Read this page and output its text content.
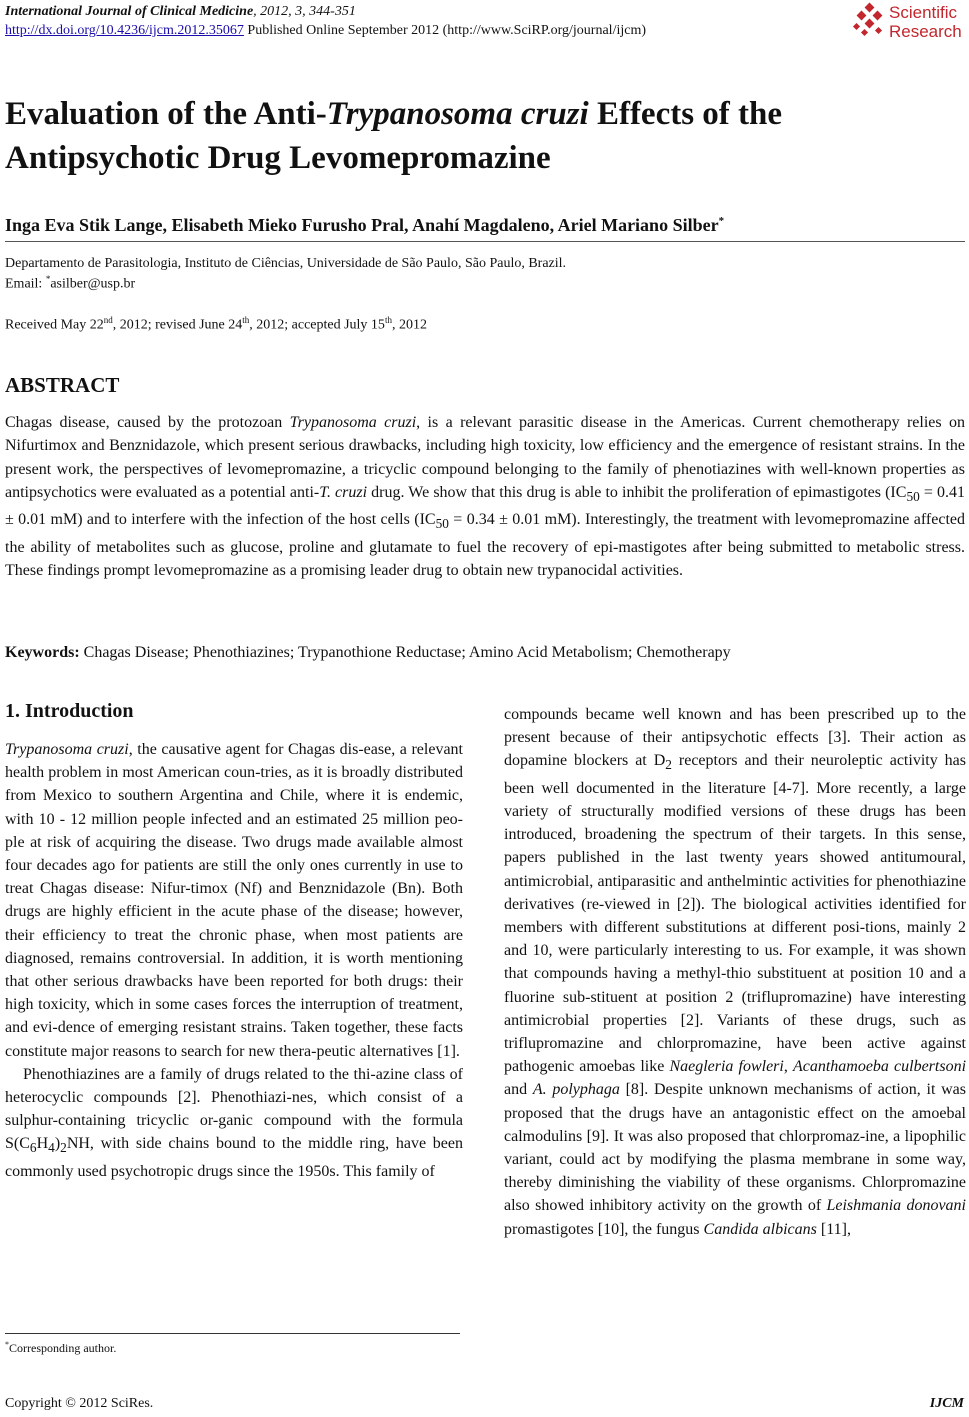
International Journal of Clinical Medicine, 2012, 3, 344-351
http://dx.doi.org/10.4236/ijcm.2012.35067 Published Online September 2012 (http://www.SciRP.org/journal/ijcm)
Scientific
Research
Evaluation of the Anti-Trypanosoma cruzi Effects of the Antipsychotic Drug Levomepromazine
Inga Eva Stik Lange, Elisabeth Mieko Furusho Pral, Anahí Magdaleno, Ariel Mariano Silber*
Departamento de Parasitologia, Instituto de Ciências, Universidade de São Paulo, São Paulo, Brazil.
Email: *asilber@usp.br
Received May 22nd, 2012; revised June 24th, 2012; accepted July 15th, 2012
ABSTRACT
Chagas disease, caused by the protozoan Trypanosoma cruzi, is a relevant parasitic disease in the Americas. Current chemotherapy relies on Nifurtimox and Benznidazole, which present serious drawbacks, including high toxicity, low efficiency and the emergence of resistant strains. In the present work, the perspectives of levomepromazine, a tricyclic compound belonging to the family of phenotiazines with well-known properties as antipsychotics were evaluated as a potential anti-T. cruzi drug. We show that this drug is able to inhibit the proliferation of epimastigotes ($IC_{50} = 0.41 \pm 0.01$ mM) and to interfere with the infection of the host cells ($IC_{50} = 0.34 \pm 0.01$ mM). Interestingly, the treatment with levomepromazine affected the ability of metabolites such as glucose, proline and glutamate to fuel the recovery of epi-mastigotes after being submitted to metabolic stress. These findings prompt levomepromazine as a promising leader drug to obtain new trypanocidal activities.
Keywords: Chagas Disease; Phenothiazines; Trypanothione Reductase; Amino Acid Metabolism; Chemotherapy
1. Introduction

Trypanosoma cruzi, the causative agent for Chagas dis-ease, a relevant health problem in most American coun-tries, as it is broadly distributed from Mexico to southern Argentina and Chile, where it is endemic, with 10 - 12 million people infected and an estimated 25 million peo-ple at risk of acquiring the disease. Two drugs made available almost four decades ago for patients are still the only ones currently in use to treat Chagas disease: Nifur-timox (Nf) and Benznidazole (Bn). Both drugs are highly efficient in the acute phase of the disease; however, their efficiency to treat the chronic phase, when most patients are diagnosed, remains controversial. In addition, it is worth mentioning that other serious drawbacks have been reported for both drugs: their high toxicity, which in some cases forces the interruption of treatment, and evi-dence of emerging resistant strains. Taken together, these facts constitute major reasons to search for new thera-peutic alternatives [1].

Phenothiazines are a family of drugs related to the thi-azine class of heterocyclic compounds [2]. Phenothiazi-nes, which consist of a sulphur-containing tricyclic or-ganic compound with the formula $S(C_6H_4)_2NH$, with side chains bound to the middle ring, have been commonly used psychotropic drugs since the 1950s. This family of

compounds became well known and has been prescribed up to the present because of their antipsychotic effects [3]. Their action as dopamine blockers at $D_2$ receptors and their neuroleptic activity has been well documented in the literature [4-7]. More recently, a large variety of structurally modified versions of these drugs has been introduced, broadening the spectrum of their targets. In this sense, papers published in the last twenty years showed antitumoural, antimicrobial, antiparasitic and anthelmintic activities for phenothiazine derivatives (re-viewed in [2]). The biological activities identified for members with different substitutions at different posi-tions, mainly 2 and 10, were particularly interesting to us. For example, it was shown that compounds having a methyl-thio substituent at position 10 and a fluorine sub-stituent at position 2 (triflupromazine) have interesting antimicrobial properties [2]. Variants of these drugs, such as triflupromazine and chlorpromazine, have been active against pathogenic amoebas like Naegleria fowleri, Acanthamoeba culbertsoni and A. polyphaga [8]. Despite unknown mechanisms of action, it was proposed that the drugs have an antagonistic effect on the amoebal calmodulins [9]. It was also proposed that chlorpromaz-ine, a lipophilic variant, could act by modifying the plasma membrane in some way, thereby diminishing the viability of these organisms. Chlorpromazine also showed inhibitory activity on the growth of Leishmania donovani promastigotes [10], the fungus Candida albicans [11],

*Corresponding author.
Copyright © 2012 SciRes.	IJCM
